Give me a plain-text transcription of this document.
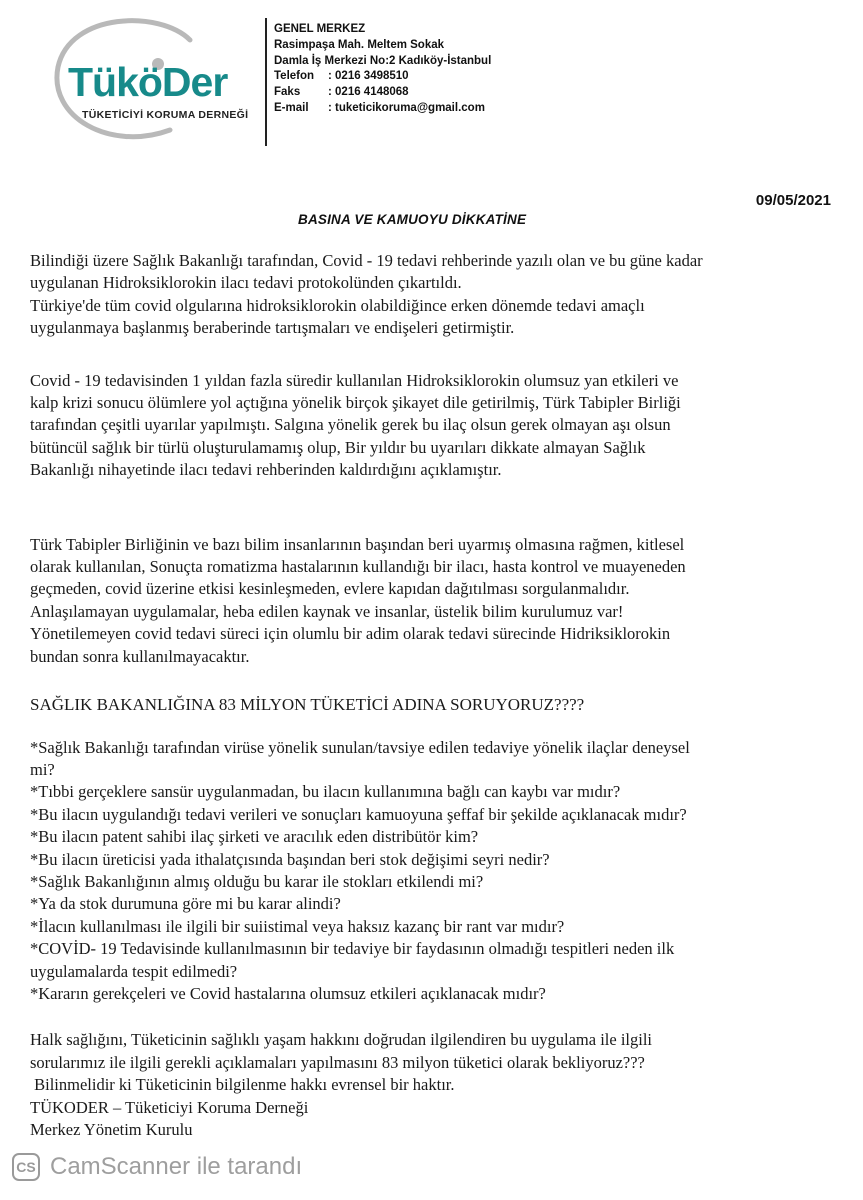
TüköDer
TÜKETİCİYİ KORUMA DERNEĞİ
GENEL MERKEZ
Rasimpaşa Mah. Meltem Sokak
Damla İş Merkezi No:2 Kadıköy-İstanbul
Telefon	: 0216 3498510
Faks	: 0216 4148068
E-mail	: tuketicikoruma@gmail.com
09/05/2021
BASINA VE KAMUOYU DİKKATİNE

Bilindiği üzere Sağlık Bakanlığı tarafından, Covid - 19 tedavi rehberinde yazılı olan ve bu güne kadar

uygulanan Hidroksiklorokin ilacı tedavi protokolünden çıkartıldı.

Türkiye'de tüm covid olgularına hidroksiklorokin olabildiğince erken dönemde tedavi amaçlı

uygulanmaya başlanmış beraberinde tartışmaları ve endişeleri getirmiştir.

Covid - 19 tedavisinden 1 yıldan fazla süredir kullanılan Hidroksiklorokin olumsuz yan etkileri ve

kalp krizi sonucu ölümlere yol açtığına yönelik birçok şikayet dile getirilmiş, Türk Tabipler Birliği

tarafından çeşitli uyarılar yapılmıştı. Salgına yönelik gerek bu ilaç olsun gerek olmayan aşı olsun

bütüncül sağlık bir türlü oluşturulamamış olup, Bir yıldır bu uyarıları dikkate almayan Sağlık

Bakanlığı nihayetinde ilacı tedavi rehberinden kaldırdığını açıklamıştır.

Türk Tabipler Birliğinin ve bazı bilim insanlarının başından beri uyarmış olmasına rağmen, kitlesel

olarak kullanılan, Sonuçta romatizma hastalarının kullandığı bir ilacı, hasta kontrol ve muayeneden

geçmeden, covid üzerine etkisi kesinleşmeden, evlere kapıdan dağıtılması sorgulanmalıdır.

Anlaşılamayan uygulamalar, heba edilen kaynak ve insanlar, üstelik bilim kurulumuz var!

Yönetilemeyen covid tedavi süreci için olumlu bir adim olarak tedavi sürecinde Hidriksiklorokin

bundan sonra kullanılmayacaktır.

SAĞLIK BAKANLIĞINA 83 MİLYON TÜKETİCİ ADINA SORUYORUZ????

*Sağlık Bakanlığı tarafından virüse yönelik sunulan/tavsiye edilen tedaviye yönelik ilaçlar deneysel
mi?
*Tıbbi gerçeklere sansür uygulanmadan, bu ilacın kullanımına bağlı can kaybı var mıdır?
*Bu ilacın uygulandığı tedavi verileri ve sonuçları kamuoyuna şeffaf bir şekilde açıklanacak mıdır?
*Bu ilacın patent sahibi ilaç şirketi ve aracılık eden distribütör kim?
*Bu ilacın üreticisi yada ithalatçısında başından beri stok değişimi seyri nedir?
*Sağlık Bakanlığının almış olduğu bu karar ile stokları etkilendi mi?
*Ya da stok durumuna göre mi bu karar alindi?
*İlacın kullanılması ile ilgili bir suiistimal veya haksız kazanç bir rant var mıdır?
*COVİD- 19 Tedavisinde kullanılmasının bir tedaviye bir faydasının olmadığı tespitleri neden ilk
uygulamalarda tespit edilmedi?
*Kararın gerekçeleri ve Covid hastalarına olumsuz etkileri açıklanacak mıdır?

Halk sağlığını, Tüketicinin sağlıklı yaşam hakkını doğrudan ilgilendiren bu uygulama ile ilgili

sorularımız ile ilgili gerekli açıklamaları yapılmasını 83 milyon tüketici olarak bekliyoruz???

Bilinmelidir ki Tüketicinin bilgilenme hakkı evrensel bir haktır.

TÜKODER – Tüketiciyi Koruma Derneği

Merkez Yönetim Kurulu

CS CamScanner ile tarandı
